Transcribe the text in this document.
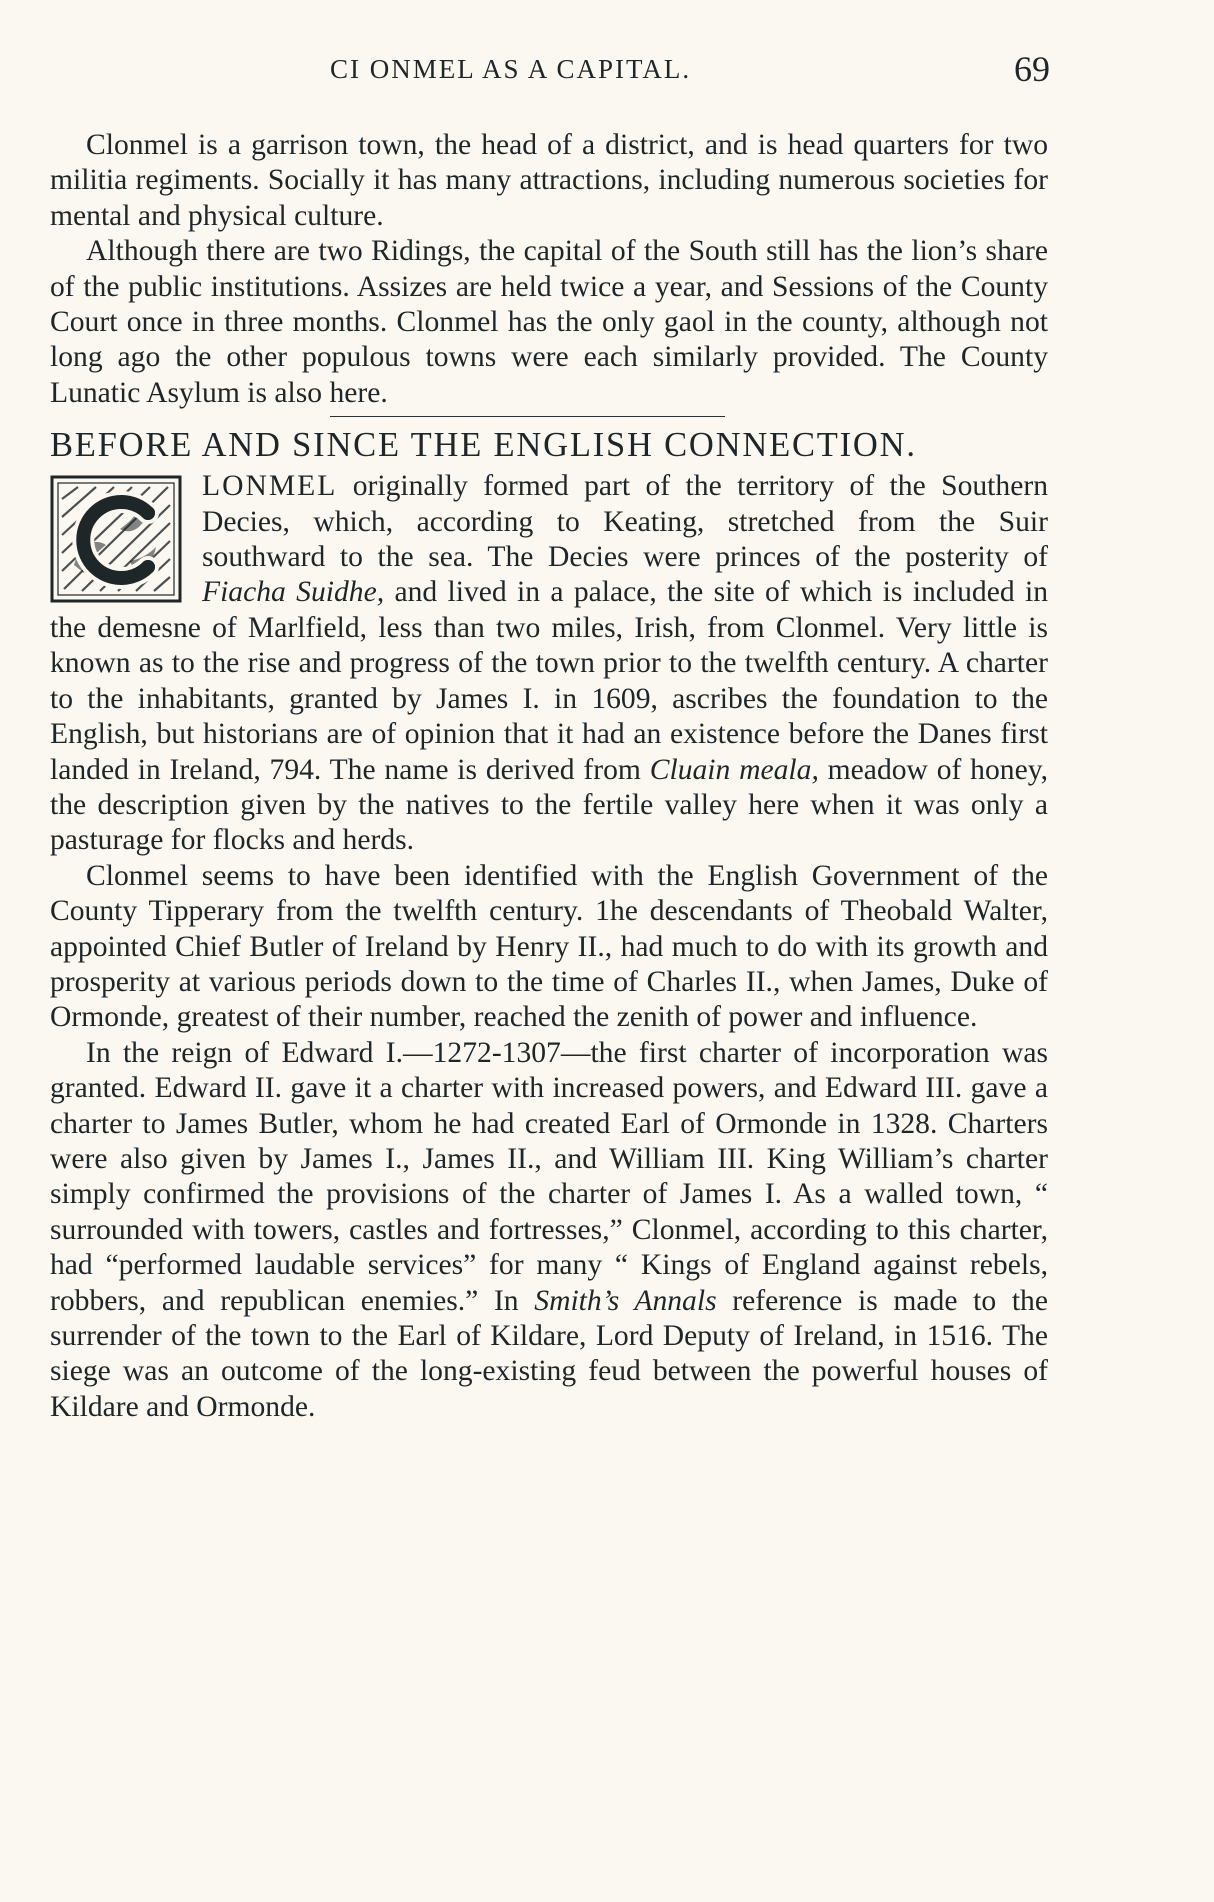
CI ONMEL AS A CAPITAL.	69

Clonmel is a garrison town, the head of a district, and is head quarters for two militia regiments. Socially it has many attractions, including numerous societies for mental and physical culture.

Although there are two Ridings, the capital of the South still has the lion’s share of the public institutions. Assizes are held twice a year, and Sessions of the County Court once in three months. Clonmel has the only gaol in the county, although not long ago the other populous towns were each similarly provided. The County Lunatic Asylum is also here.

BEFORE AND SINCE THE ENGLISH CONNECTION.

LONMEL originally formed part of the territory of the Southern Decies, which, according to Keating, stretched from the Suir southward to the sea. The Decies were princes of the posterity of Fiacha Suidhe, and lived in a palace, the site of which is included in the demesne of Marlfield, less than two miles, Irish, from Clonmel. Very little is known as to the rise and progress of the town prior to the twelfth century. A charter to the inhabitants, granted by James I. in 1609, ascribes the foundation to the English, but historians are of opinion that it had an existence before the Danes first landed in Ireland, 794. The name is derived from Cluain meala, meadow of honey, the description given by the natives to the fertile valley here when it was only a pasturage for flocks and herds.

Clonmel seems to have been identified with the English Government of the County Tipperary from the twelfth century. 1he descendants of Theobald Walter, appointed Chief Butler of Ireland by Henry II., had much to do with its growth and prosperity at various periods down to the time of Charles II., when James, Duke of Ormonde, greatest of their number, reached the zenith of power and influence.

In the reign of Edward I.—1272-1307—the first charter of incorporation was granted. Edward II. gave it a charter with increased powers, and Edward III. gave a charter to James Butler, whom he had created Earl of Ormonde in 1328. Charters were also given by James I., James II., and William III. King William’s charter simply confirmed the provisions of the charter of James I. As a walled town, “ surrounded with towers, castles and fortresses,” Clonmel, according to this charter, had “performed laudable services” for many “ Kings of England against rebels, robbers, and republican enemies.” In Smith’s Annals reference is made to the surrender of the town to the Earl of Kildare, Lord Deputy of Ireland, in 1516. The siege was an outcome of the long-existing feud between the powerful houses of Kildare and Ormonde.
